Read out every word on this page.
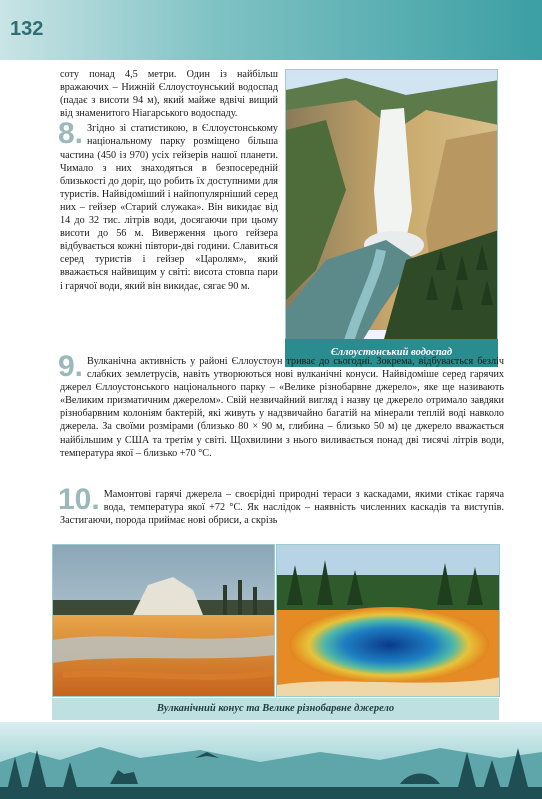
132

сотy понад 4,5 метри. Один із найбільш вражаючих – Нижній Єллоустоунський водоспад (падає з висоти 94 м), який майже вдвічі вищий від знаменитого Ніагарського водоспаду.

8. Згідно зі статистикою, в Єллоустонському національному парку розміщено більша частина (450 із 970) усіх гейзерів нашої планети. Чимало з них знаходяться в безпосередній близькості до доріг, що робить їх доступними для туристів. Найвідоміший і найпопулярніший серед них – гейзер «Старий служака». Він викидає від 14 до 32 тис. літрів води, досягаючи при цьому висоти до 56 м. Виверження цього гейзера відбувається кожні півтори-дві години. Славиться серед туристів і гейзер «Царолям», який вважається найвищим у світі: висота стовпа пари і гарячої води, який він викидає, сягає 90 м.

Єллоустонський водоспад

9. Вулканічна активність у районі Єллоустоун триває до сьогодні. Зокрема, відбувається безліч слабких землетрусів, навіть утворюються нові вулканічні конуси. Найвідоміше серед гарячих джерел Єллоустонського національного парку – «Велике різнобарвне джерело», яке ще називають «Великим призматичним джерелом». Свій незвичайний вигляд і назву це джерело отримало завдяки різнобарвним колоніям бактерій, які живуть у надзвичайно багатій на мінерали теплій воді навколо джерела. За своїми розмірами (близько 80 × 90 м, глибина – близько 50 м) це джерело вважається найбільшим у США та третім у світі. Щохвилини з нього виливається понад дві тисячі літрів води, температура якої – близько +70 °С.

10. Мамонтові гарячі джерела – своєрідні природні тераси з каскадами, якими стікає гаряча вода, температура якої +72 °С. Як наслідок – наявність численних каскадів та виступів. Застигаючи, порода приймає нові обриси, а скрізь

Вулканічний конус та Велике різнобарвне джерело
